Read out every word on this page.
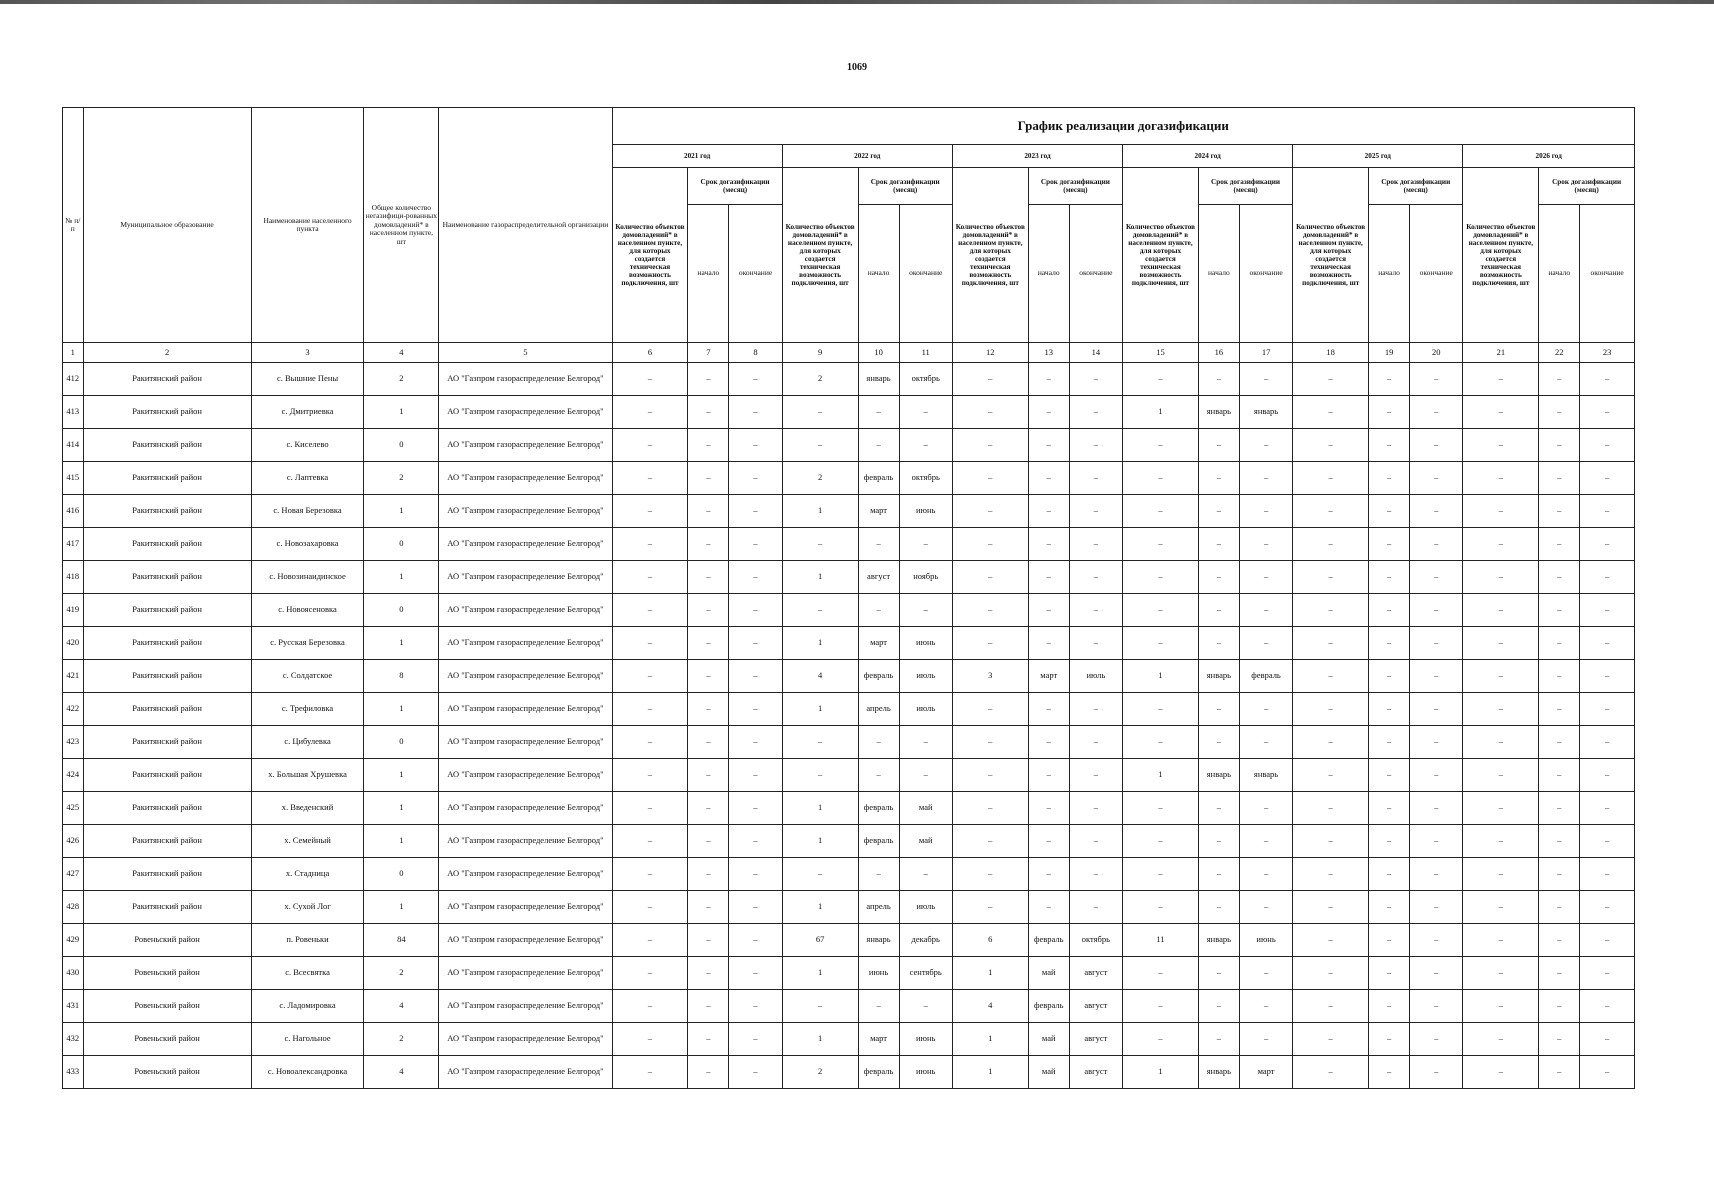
1069
№ п/п	Муниципальное образование	Наименование населенного пункта	Общее количество негазифици-рованных домовладений* в населенном пункте, шт	Наименование газораспределительной организации	График реализации догазификации																	
					2021 год			2022 год			2023 год			2024 год			2025 год			2026 год		
					Количество объектов домовладений* в населенном пункте, для которых создается техническая возможность подключения, шт	Срок догазификации (месяц)		Количество объектов домовладений* в населенном пункте, для которых создается техническая возможность подключения, шт	Срок догазификации (месяц)		Количество объектов домовладений* в населенном пункте, для которых создается техническая возможность подключения, шт	Срок догазификации (месяц)		Количество объектов домовладений* в населенном пункте, для которых создается техническая возможность подключения, шт	Срок догазификации (месяц)		Количество объектов домовладений* в населенном пункте, для которых создается техническая возможность подключения, шт	Срок догазификации (месяц)		Количество объектов домовладений* в населенном пункте, для которых создается техническая возможность подключения, шт	Срок догазификации (месяц)	
						начало	окончание		начало	окончание		начало	окончание		начало	окончание		начало	окончание		начало	окончание
1	2	3	4	5	6	7	8	9	10	11	12	13	14	15	16	17	18	19	20	21	22	23
412	Ракитянский район	с. Вышние Пены	2	АО "Газпром газораспределение Белгород"	–	–	–	2	январь	октябрь	–	–	–	–	–	–	–	–	–	–	–	–
413	Ракитянский район	с. Дмитриевка	1	АО "Газпром газораспределение Белгород"	–	–	–	–	–	–	–	–	–	1	январь	январь	–	–	–	–	–	–
414	Ракитянский район	с. Киселево	0	АО "Газпром газораспределение Белгород"	–	–	–	–	–	–	–	–	–	–	–	–	–	–	–	–	–	–
415	Ракитянский район	с. Лаптевка	2	АО "Газпром газораспределение Белгород"	–	–	–	2	февраль	октябрь	–	–	–	–	–	–	–	–	–	–	–	–
416	Ракитянский район	с. Новая Березовка	1	АО "Газпром газораспределение Белгород"	–	–	–	1	март	июнь	–	–	–	–	–	–	–	–	–	–	–	–
417	Ракитянский район	с. Новозахаровка	0	АО "Газпром газораспределение Белгород"	–	–	–	–	–	–	–	–	–	–	–	–	–	–	–	–	–	–
418	Ракитянский район	с. Новозинаидинское	1	АО "Газпром газораспределение Белгород"	–	–	–	1	август	ноябрь	–	–	–	–	–	–	–	–	–	–	–	–
419	Ракитянский район	с. Новоясеновка	0	АО "Газпром газораспределение Белгород"	–	–	–	–	–	–	–	–	–	–	–	–	–	–	–	–	–	–
420	Ракитянский район	с. Русская Березовка	1	АО "Газпром газораспределение Белгород"	–	–	–	1	март	июнь	–	–	–	–	–	–	–	–	–	–	–	–
421	Ракитянский район	с. Солдатское	8	АО "Газпром газораспределение Белгород"	–	–	–	4	февраль	июль	3	март	июль	1	январь	февраль	–	–	–	–	–	–
422	Ракитянский район	с. Трефиловка	1	АО "Газпром газораспределение Белгород"	–	–	–	1	апрель	июль	–	–	–	–	–	–	–	–	–	–	–	–
423	Ракитянский район	с. Цибулевка	0	АО "Газпром газораспределение Белгород"	–	–	–	–	–	–	–	–	–	–	–	–	–	–	–	–	–	–
424	Ракитянский район	х. Большая Хрушевка	1	АО "Газпром газораспределение Белгород"	–	–	–	–	–	–	–	–	–	1	январь	январь	–	–	–	–	–	–
425	Ракитянский район	х. Введенский	1	АО "Газпром газораспределение Белгород"	–	–	–	1	февраль	май	–	–	–	–	–	–	–	–	–	–	–	–
426	Ракитянский район	х. Семейный	1	АО "Газпром газораспределение Белгород"	–	–	–	1	февраль	май	–	–	–	–	–	–	–	–	–	–	–	–
427	Ракитянский район	х. Стадница	0	АО "Газпром газораспределение Белгород"	–	–	–	–	–	–	–	–	–	–	–	–	–	–	–	–	–	–
428	Ракитянский район	х. Сухой Лог	1	АО "Газпром газораспределение Белгород"	–	–	–	1	апрель	июль	–	–	–	–	–	–	–	–	–	–	–	–
429	Ровеньский район	п. Ровеньки	84	АО "Газпром газораспределение Белгород"	–	–	–	67	январь	декабрь	6	февраль	октябрь	11	январь	июнь	–	–	–	–	–	–
430	Ровеньский район	с. Всесвятка	2	АО "Газпром газораспределение Белгород"	–	–	–	1	июнь	сентябрь	1	май	август	–	–	–	–	–	–	–	–	–
431	Ровеньский район	с. Ладомировка	4	АО "Газпром газораспределение Белгород"	–	–	–	–	–	–	4	февраль	август	–	–	–	–	–	–	–	–	–
432	Ровеньский район	с. Нагольное	2	АО "Газпром газораспределение Белгород"	–	–	–	1	март	июнь	1	май	август	–	–	–	–	–	–	–	–	–
433	Ровеньский район	с. Новоалександровка	4	АО "Газпром газораспределение Белгород"	–	–	–	2	февраль	июнь	1	май	август	1	январь	март	–	–	–	–	–	–
